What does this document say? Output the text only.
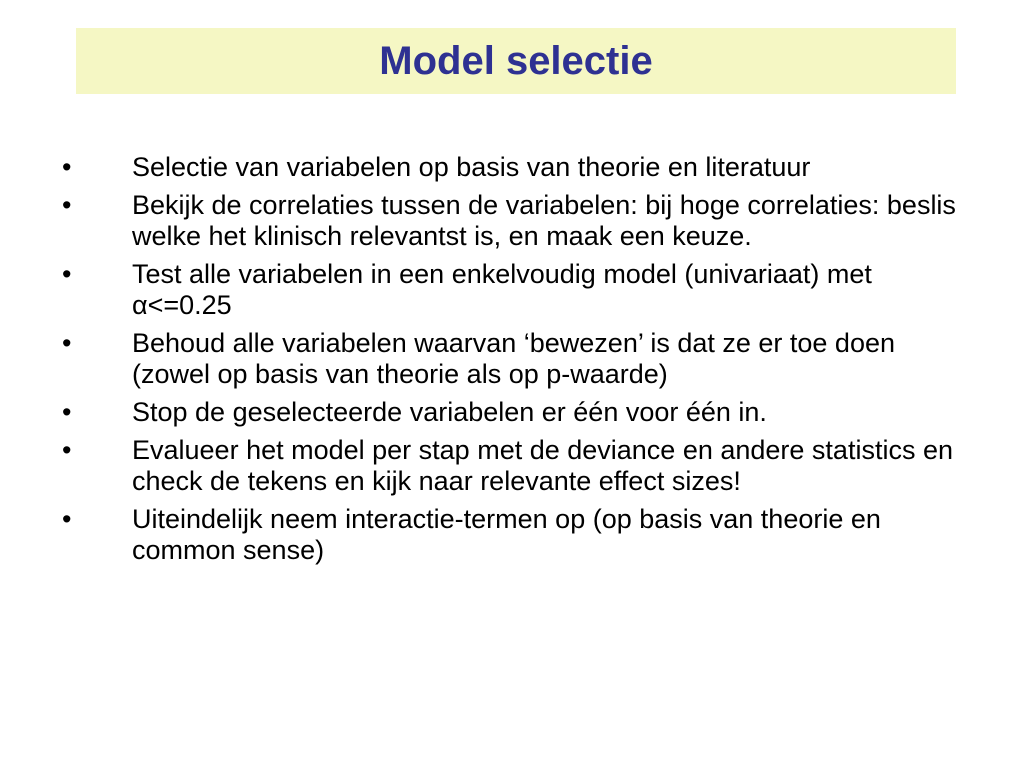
Model selectie
•	Selectie van variabelen op basis van theorie en literatuur
•	Bekijk de correlaties tussen de variabelen: bij hoge correlaties: beslis welke het klinisch relevantst is, en maak een keuze.
•	Test alle variabelen in een enkelvoudig model (univariaat) met α<=0.25
•	Behoud alle variabelen waarvan ‘bewezen’ is dat ze er toe doen (zowel op basis van theorie als op p-waarde)
•	Stop de geselecteerde variabelen er één voor één in.
•	Evalueer het model per stap met de deviance en andere statistics en check de tekens en kijk naar relevante effect sizes!
•	Uiteindelijk neem interactie-termen op (op basis van theorie en common sense)
